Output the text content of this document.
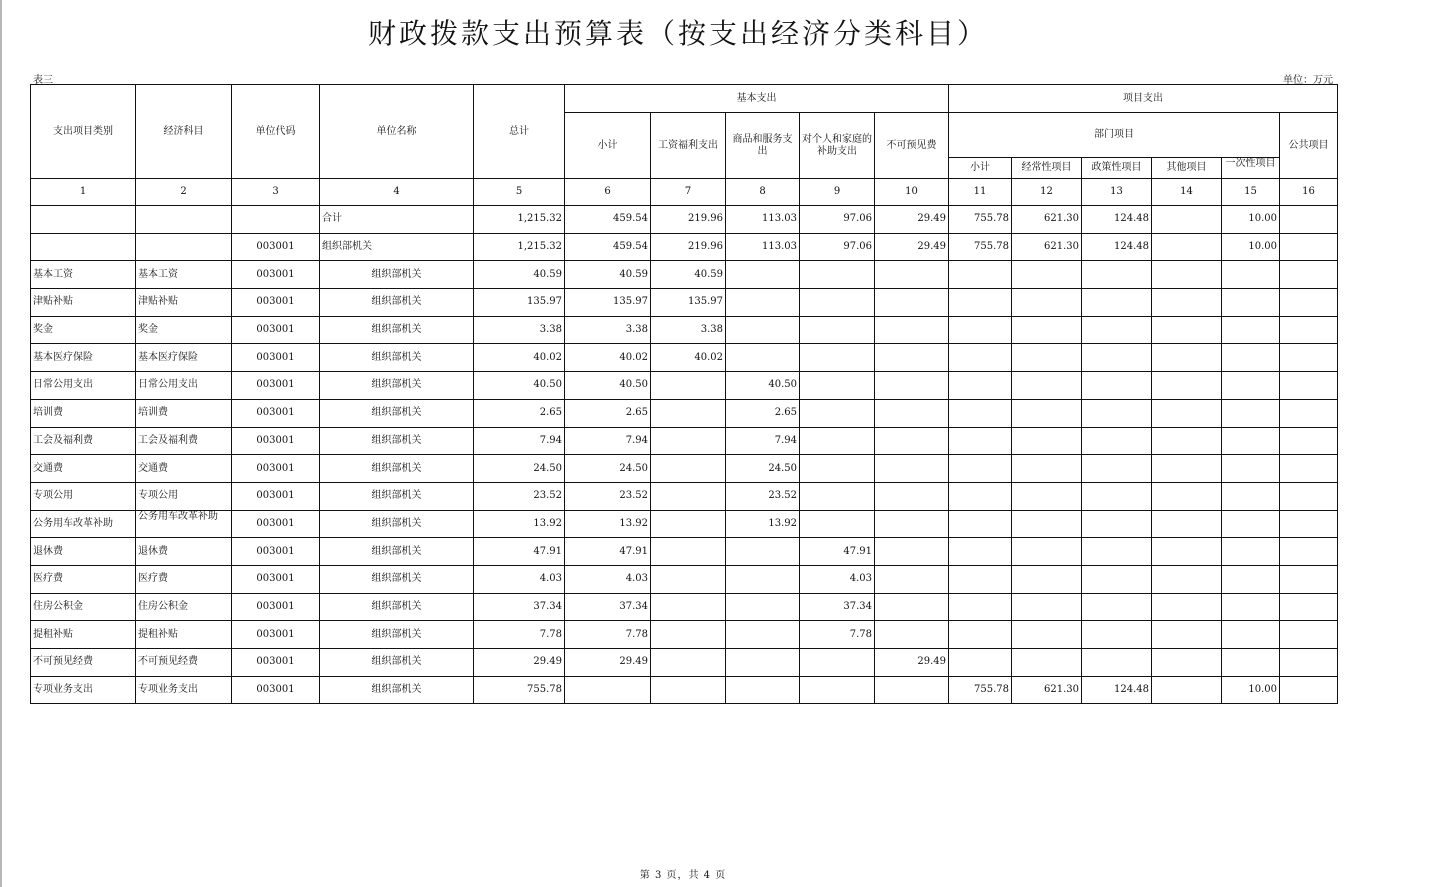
财政拨款支出预算表（按支出经济分类科目）
表三	单位：万元
支出项目类别	经济科目	单位代码	单位名称	总计	基本支出					项目支出					
					小计	工资福利支出	商品和服务支出	对个人和家庭的补助支出	不可预见费	部门项目					公共项目
										小计	经常性项目	政策性项目	其他项目	一次性项目	
1	2	3	4	5	6	7	8	9	10	11	12	13	14	15	16
			合计	1,215.32	459.54	219.96	113.03	97.06	29.49	755.78	621.30	124.48		10.00	
		003001	组织部机关	1,215.32	459.54	219.96	113.03	97.06	29.49	755.78	621.30	124.48		10.00	
基本工资	基本工资	003001	组织部机关	40.59	40.59	40.59									
津贴补贴	津贴补贴	003001	组织部机关	135.97	135.97	135.97									
奖金	奖金	003001	组织部机关	3.38	3.38	3.38									
基本医疗保险	基本医疗保险	003001	组织部机关	40.02	40.02	40.02									
日常公用支出	日常公用支出	003001	组织部机关	40.50	40.50		40.50								
培训费	培训费	003001	组织部机关	2.65	2.65		2.65								
工会及福利费	工会及福利费	003001	组织部机关	7.94	7.94		7.94								
交通费	交通费	003001	组织部机关	24.50	24.50		24.50								
专项公用	专项公用	003001	组织部机关	23.52	23.52		23.52								
公务用车改革补助	公务用车改革补助	003001	组织部机关	13.92	13.92		13.92								
退休费	退休费	003001	组织部机关	47.91	47.91			47.91							
医疗费	医疗费	003001	组织部机关	4.03	4.03			4.03							
住房公积金	住房公积金	003001	组织部机关	37.34	37.34			37.34							
提租补贴	提租补贴	003001	组织部机关	7.78	7.78			7.78							
不可预见经费	不可预见经费	003001	组织部机关	29.49	29.49				29.49						
专项业务支出	专项业务支出	003001	组织部机关	755.78						755.78	621.30	124.48		10.00	
第 3 页，共 4 页
